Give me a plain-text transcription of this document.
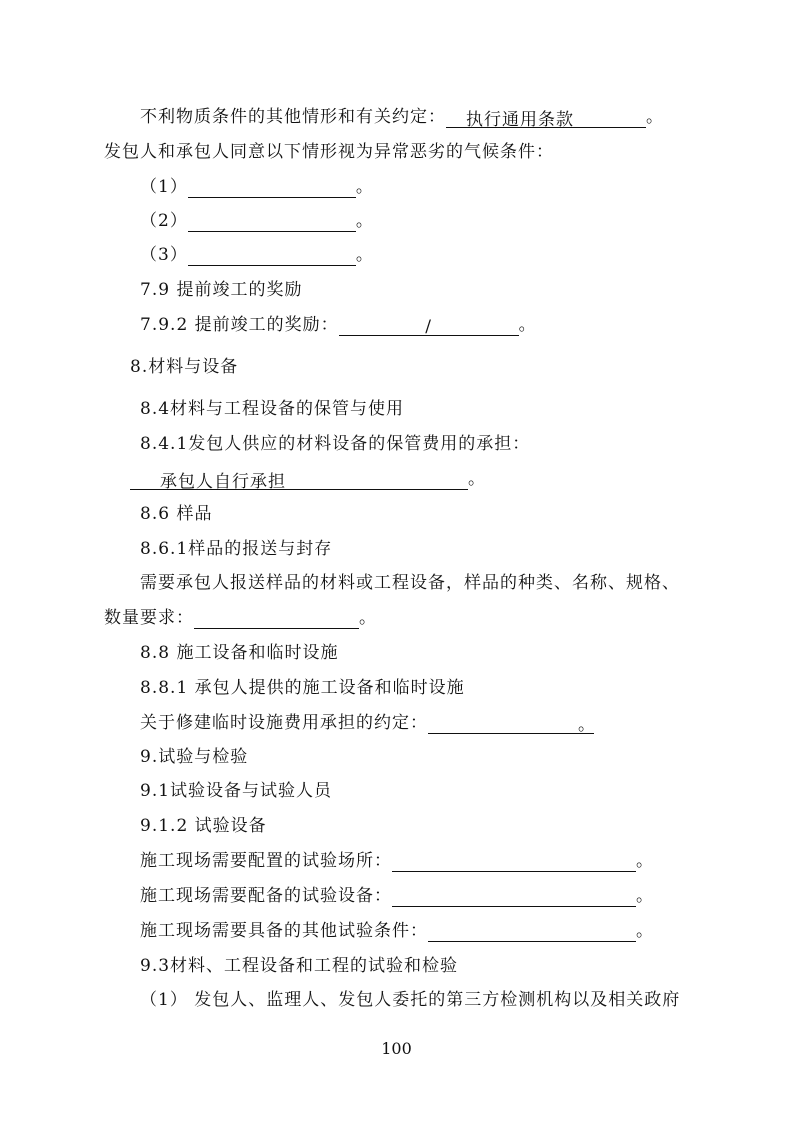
不利物质条件的其他情形和有关约定： 执行通用条款	。
发包人和承包人同意以下情形视为异常恶劣的气候条件：
（1）	。
（2）	。
（3）	。
7.9 提前竣工的奖励
7.9.2 提前竣工的奖励：	/	。
8.材料与设备
8.4材料与工程设备的保管与使用
8.4.1发包人供应的材料设备的保管费用的承担：
承包人自行承担	。
8.6 样品
8.6.1样品的报送与封存
需要承包人报送样品的材料或工程设备，样品的种类、名称、规格、
数量要求：	。
8.8 施工设备和临时设施
8.8.1 承包人提供的施工设备和临时设施
关于修建临时设施费用承担的约定：	。
9.试验与检验
9.1试验设备与试验人员
9.1.2 试验设备
施工现场需要配置的试验场所：	。
施工现场需要配备的试验设备：	。
施工现场需要具备的其他试验条件：	。
9.3材料、工程设备和工程的试验和检验
（1） 发包人、监理人、发包人委托的第三方检测机构以及相关政府
100
